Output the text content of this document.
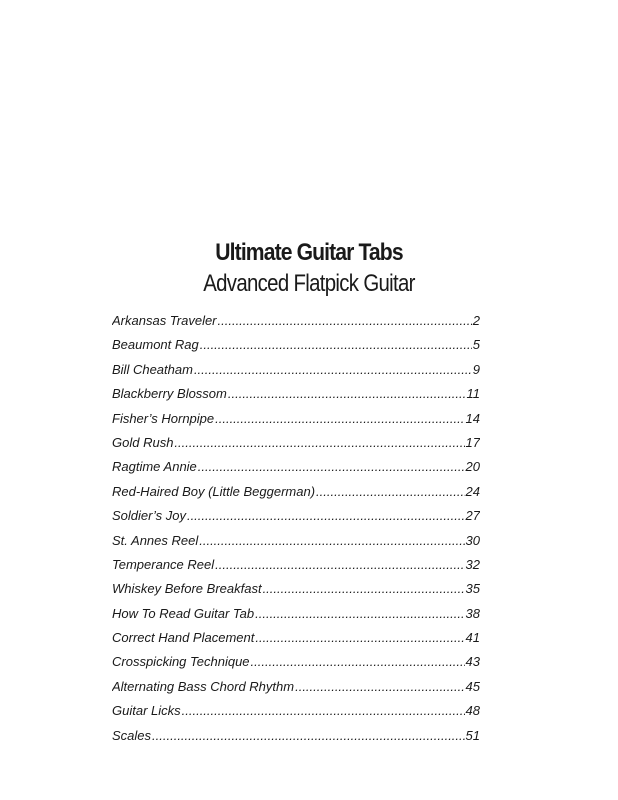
Ultimate Guitar Tabs
Advanced Flatpick Guitar
Arkansas Traveler .....	2
Beaumont Rag .....	5
Bill Cheatham .....	9
Blackberry Blossom .....	11
Fisher’s Hornpipe .....	14
Gold Rush .....	17
Ragtime Annie .....	20
Red-Haired Boy (Little Beggerman) .....	24
Soldier’s Joy .....	27
St. Annes Reel .....	30
Temperance Reel .....	32
Whiskey Before Breakfast .....	35
How To Read Guitar Tab .....	38
Correct Hand Placement .....	41
Crosspicking Technique .....	43
Alternating Bass Chord Rhythm .....	45
Guitar Licks .....	48
Scales .....	51
